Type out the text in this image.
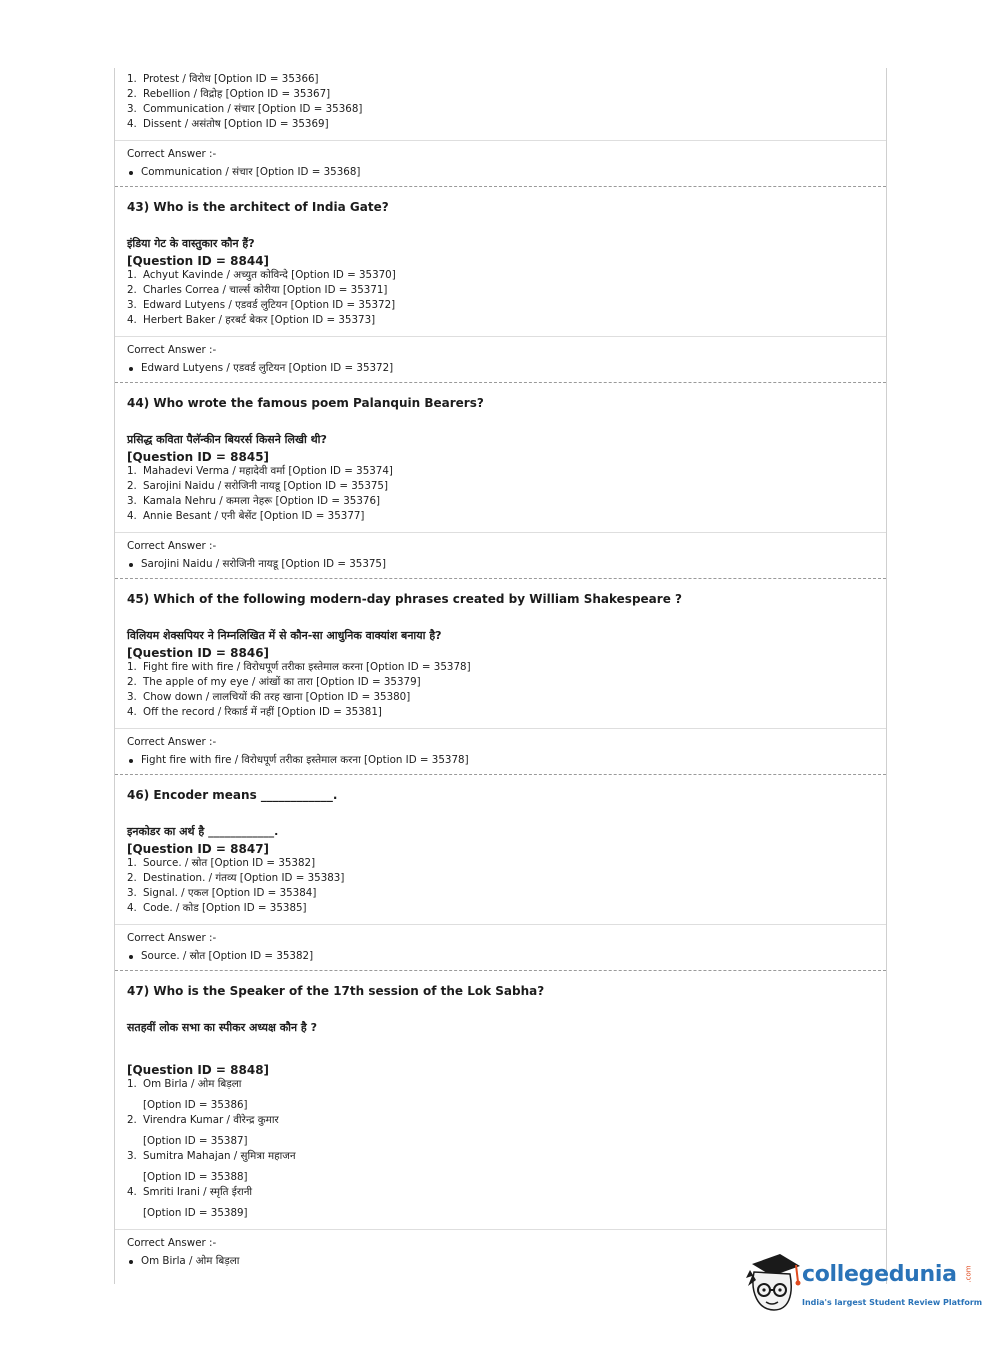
1. Protest / विरोध [Option ID = 35366]
2. Rebellion / विद्रोह [Option ID = 35367]
3. Communication / संचार [Option ID = 35368]
4. Dissent / असंतोष [Option ID = 35369]
Correct Answer :-
Communication / संचार [Option ID = 35368]
43) Who is the architect of India Gate?
इंडिया गेट के वास्तुकार कौन हैं?
[Question ID = 8844]
1. Achyut Kavinde / अच्युत कोविन्दे [Option ID = 35370]
2. Charles Correa / चार्ल्स कोरीया [Option ID = 35371]
3. Edward Lutyens / एडवर्ड लुटियन [Option ID = 35372]
4. Herbert Baker / हरबर्ट बेकर [Option ID = 35373]
Correct Answer :-
Edward Lutyens / एडवर्ड लुटियन [Option ID = 35372]
44) Who wrote the famous poem Palanquin Bearers?
प्रसिद्ध कविता पैलॅन्कीन बियरर्स किसने लिखी थी?
[Question ID = 8845]
1. Mahadevi Verma / महादेवी वर्मा [Option ID = 35374]
2. Sarojini Naidu / सरोजिनी नायडू [Option ID = 35375]
3. Kamala Nehru / कमला नेहरू [Option ID = 35376]
4. Annie Besant / एनी बेसेंट [Option ID = 35377]
Correct Answer :-
Sarojini Naidu / सरोजिनी नायडू [Option ID = 35375]
45) Which of the following modern-day phrases created by William Shakespeare ?
विलियम शेक्सपियर ने निम्नलिखित में से कौन-सा आधुनिक वाक्यांश बनाया है?
[Question ID = 8846]
1. Fight fire with fire / विरोधपूर्ण तरीका इस्तेमाल करना [Option ID = 35378]
2. The apple of my eye / आंखों का तारा [Option ID = 35379]
3. Chow down / लालचियों की तरह खाना [Option ID = 35380]
4. Off the record / रिकार्ड में नहीं [Option ID = 35381]
Correct Answer :-
Fight fire with fire / विरोधपूर्ण तरीका इस्तेमाल करना [Option ID = 35378]
46) Encoder means ____________.
इनकोडर का अर्थ है ____________.
[Question ID = 8847]
1. Source. / स्रोत [Option ID = 35382]
2. Destination. / गंतव्य [Option ID = 35383]
3. Signal. / एकल [Option ID = 35384]
4. Code. / कोड [Option ID = 35385]
Correct Answer :-
Source. / स्रोत [Option ID = 35382]
47) Who is the Speaker of the 17th session of the Lok Sabha?
सतहवीं लोक सभा का स्पीकर अध्यक्ष कौन है ?
[Question ID = 8848]
1. Om Birla / ओम बिड़ला
[Option ID = 35386]
2. Virendra Kumar / वीरेन्द्र कुमार
[Option ID = 35387]
3. Sumitra Mahajan / सुमित्रा महाजन
[Option ID = 35388]
4. Smriti Irani / स्मृति ईरानी
[Option ID = 35389]
Correct Answer :-
Om Birla / ओम बिड़ला
collegedunia .com
India's largest Student Review Platform
